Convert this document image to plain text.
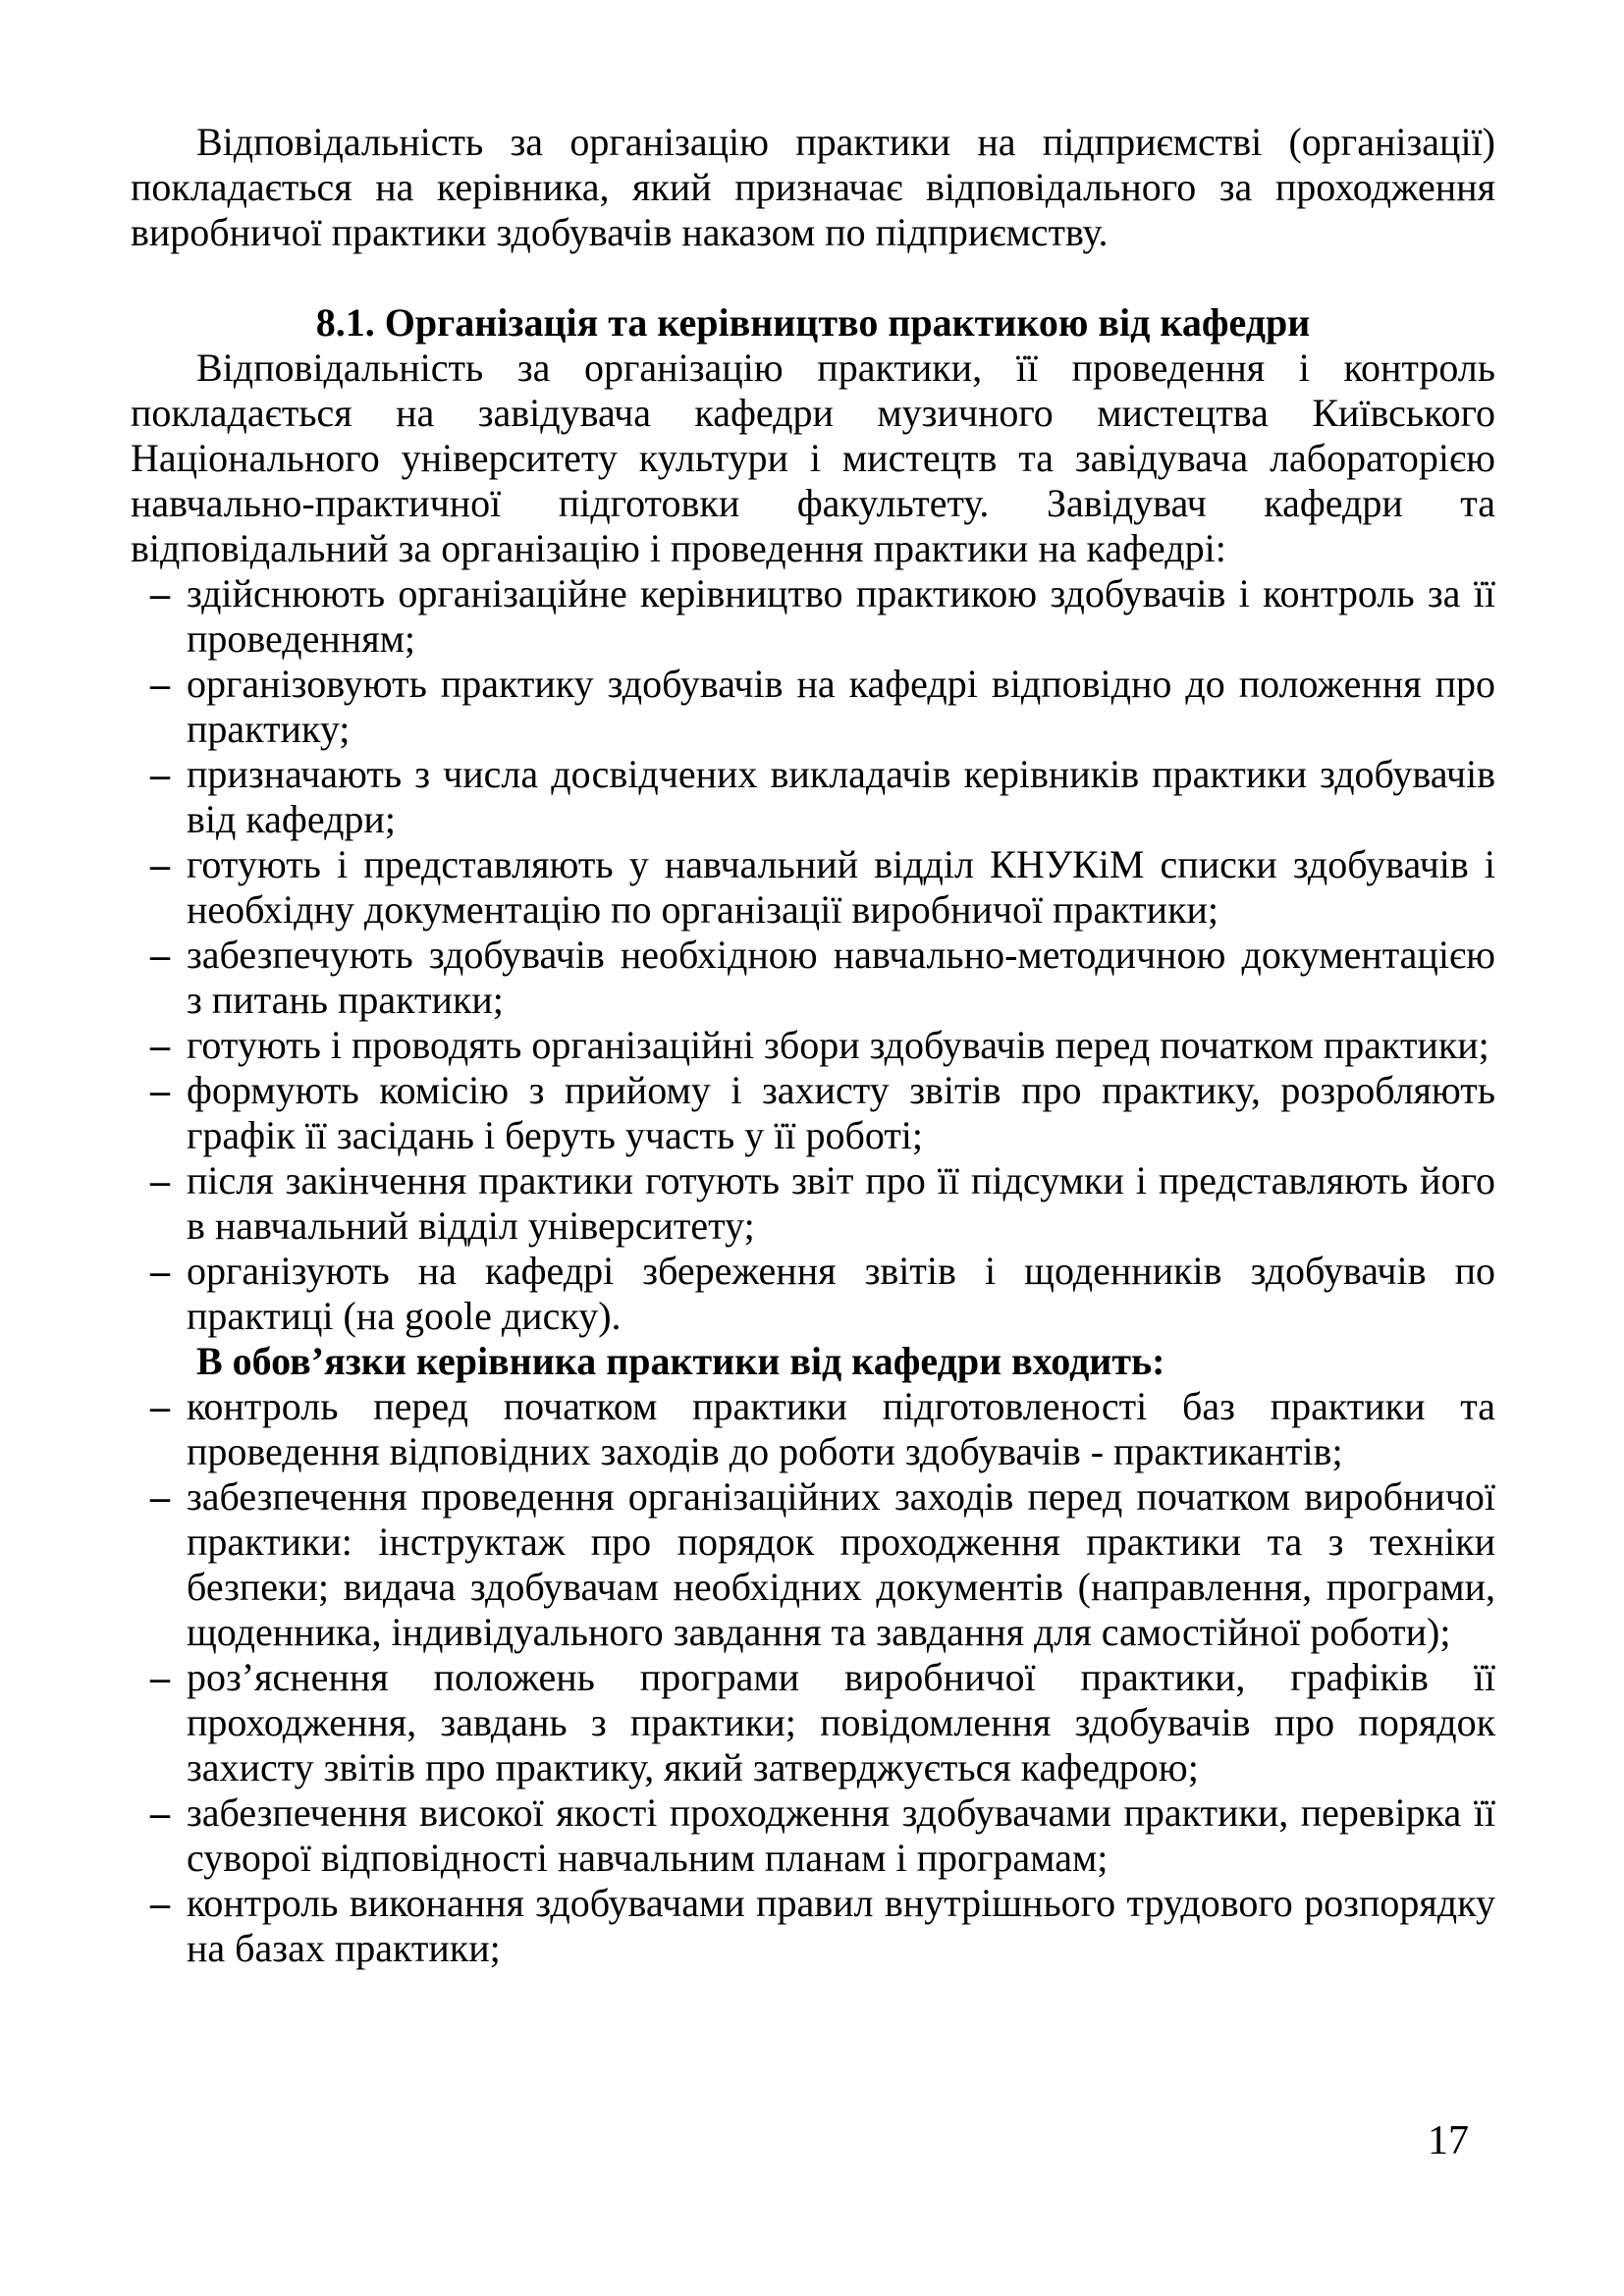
Відповідальність за організацію практики на підприємстві (організації) покладається на керівника, який призначає відповідального за проходження виробничої практики здобувачів наказом по підприємству.

8.1. Організація та керівництво практикою від кафедри

Відповідальність за організацію практики, її проведення і контроль покладається на завідувача кафедри музичного мистецтва Київського Національного університету культури і мистецтв та завідувача лабораторією навчально-практичної підготовки факультету. Завідувач кафедри та відповідальний за організацію і проведення практики на кафедрі:

– здійснюють організаційне керівництво практикою здобувачів і контроль за її проведенням;
– організовують практику здобувачів на кафедрі відповідно до положення про практику;
– призначають з числа досвідчених викладачів керівників практики здобувачів від кафедри;
– готують і представляють у навчальний відділ КНУКіМ списки здобувачів і необхідну документацію по організації виробничої практики;
– забезпечують здобувачів необхідною навчально-методичною документацією з питань практики;
– готують і проводять організаційні збори здобувачів перед початком практики;
– формують комісію з прийому і захисту звітів про практику, розробляють графік її засідань і беруть участь у її роботі;
– після закінчення практики готують звіт про її підсумки і представляють його в навчальний відділ університету;
– організують на кафедрі збереження звітів і щоденників здобувачів по практиці (на goole диску).

В обов’язки керівника практики від кафедри входить:

– контроль перед початком практики підготовленості баз практики та проведення відповідних заходів до роботи здобувачів - практикантів;
– забезпечення проведення організаційних заходів перед початком виробничої практики: інструктаж про порядок проходження практики та з техніки безпеки; видача здобувачам необхідних документів (направлення, програми, щоденника, індивідуального завдання та завдання для самостійної роботи);
– роз’яснення положень програми виробничої практики, графіків її проходження, завдань з практики; повідомлення здобувачів про порядок захисту звітів про практику, який затверджується кафедрою;
– забезпечення високої якості проходження здобувачами практики, перевірка її суворої відповідності навчальним планам і програмам;
– контроль виконання здобувачами правил внутрішнього трудового розпорядку на базах практики;
17
